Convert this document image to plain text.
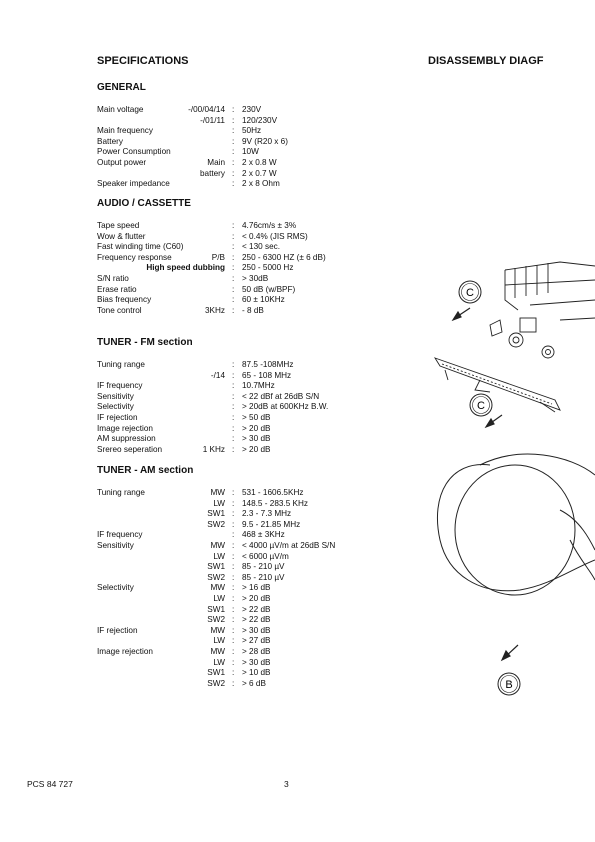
SPECIFICATIONS	DISASSEMBLY DIAGF
GENERAL
Main voltage	-/00/04/14 : 230V
-/01/11 : 120/230V
Main frequency	: 50Hz
Battery	: 9V (R20 x 6)
Power Consumption	: 10W
Output power	Main : 2 x 0.8 W
battery : 2 x 0.7 W
Speaker impedance	: 2 x 8 Ohm
AUDIO / CASSETTE
Tape speed	: 4.76cm/s ± 3%
Wow & flutter	: < 0.4% (JIS RMS)
Fast winding time (C60)	: < 130 sec.
Frequency response	P/B : 250 - 6300 HZ (± 6 dB)
High speed dubbing : 250 - 5000 Hz
S/N ratio	: > 30dB
Erase ratio	: 50 dB (w/BPF)
Bias frequency	: 60 ± 10KHz
Tone control	3KHz : - 8 dB
TUNER - FM section
Tuning range	: 87.5 -108MHz
-/14 : 65 - 108 MHz
IF frequency	: 10.7MHz
Sensitivity	: < 22 dBf at 26dB S/N
Selectivity	: > 20dB at 600KHz B.W.
IF rejection	: > 50 dB
Image rejection	: > 20 dB
AM suppression	: > 30 dB
Srereo seperation	1 KHz : > 20 dB
TUNER - AM section
Tuning range	MW : 531 - 1606.5KHz
LW : 148.5 - 283.5 KHz
SW1 : 2.3 - 7.3 MHz
SW2 : 9.5 - 21.85 MHz
IF frequency	: 468 ± 3KHz
Sensitivity	MW : < 4000 µV/m at 26dB S/N
LW : < 6000 µV/m
SW1 : 85 - 210 µV
SW2 : 85 - 210 µV
Selectivity	MW : > 16 dB
LW : > 20 dB
SW1 : > 22 dB
SW2 : > 22 dB
IF rejection	MW : > 30 dB
LW : > 27 dB
Image rejection	MW : > 28 dB
LW : > 30 dB
SW1 : > 10 dB
SW2 : > 6 dB
C
C
B
PCS 84 727	3
